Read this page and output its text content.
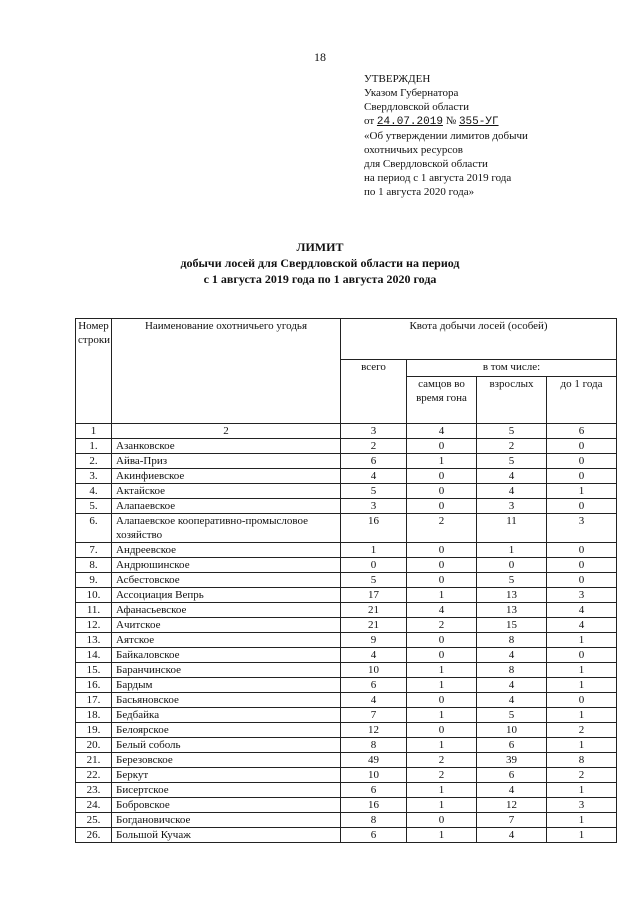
18
УТВЕРЖДЕН
Указом Губернатора
Свердловской области
от 24.07.2019 № 355-УГ
«Об утверждении лимитов добычи
охотничьих ресурсов
для Свердловской области
на период с 1 августа 2019 года
по 1 августа 2020 года»
ЛИМИТ
добычи лосей для Свердловской области на период
с 1 августа 2019 года по 1 августа 2020 года
Номер строки	Наименование охотничьего угодья	Квота добычи лосей (особей)			
		всего	в том числе:		
			самцов во время гона	взрослых	до 1 года
1	2	3	4	5	6
1.	Азанковское	2	0	2	0
2.	Айва-Приз	6	1	5	0
3.	Акинфиевское	4	0	4	0
4.	Актайское	5	0	4	1
5.	Алапаевское	3	0	3	0
6.	Алапаевское кооперативно-промысловое хозяйство	16	2	11	3
7.	Андреевское	1	0	1	0
8.	Андрюшинское	0	0	0	0
9.	Асбестовское	5	0	5	0
10.	Ассоциация Вепрь	17	1	13	3
11.	Афанасьевское	21	4	13	4
12.	Ачитское	21	2	15	4
13.	Аятское	9	0	8	1
14.	Байкаловское	4	0	4	0
15.	Баранчинское	10	1	8	1
16.	Бардым	6	1	4	1
17.	Басьяновское	4	0	4	0
18.	Бедбайка	7	1	5	1
19.	Белоярское	12	0	10	2
20.	Белый соболь	8	1	6	1
21.	Березовское	49	2	39	8
22.	Беркут	10	2	6	2
23.	Бисертское	6	1	4	1
24.	Бобровское	16	1	12	3
25.	Богдановичское	8	0	7	1
26.	Большой Кучаж	6	1	4	1
